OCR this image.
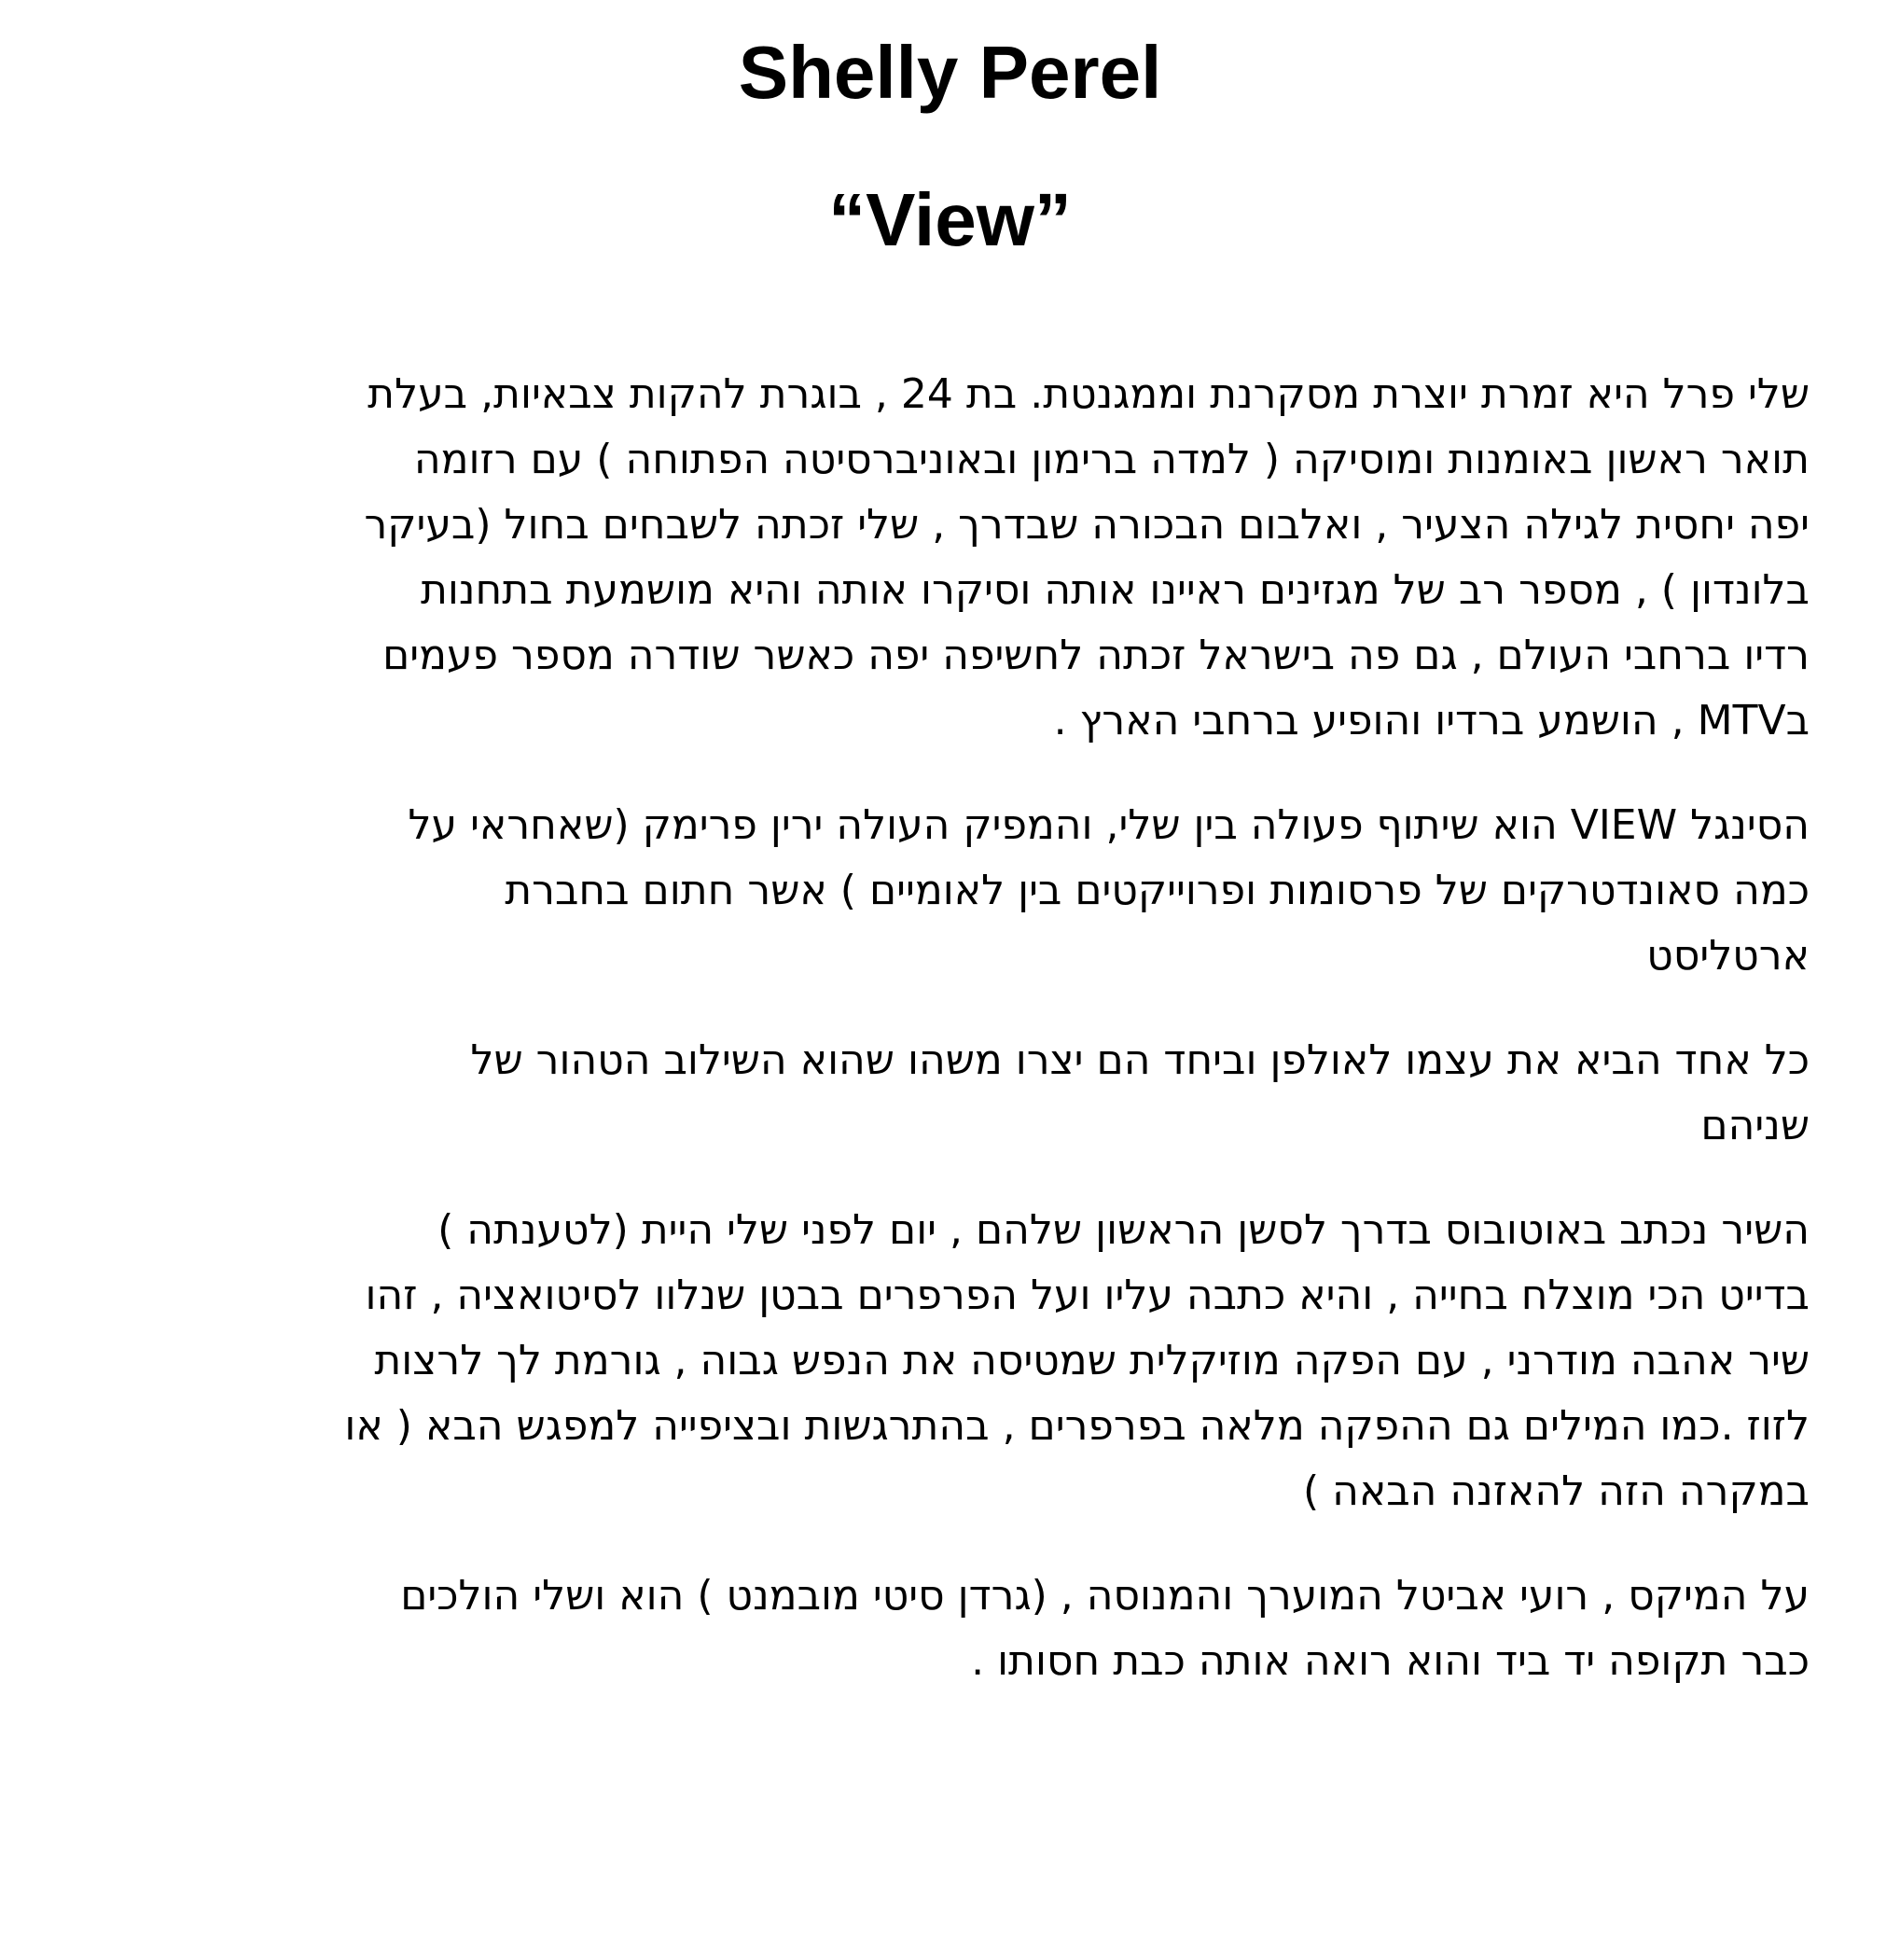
Shelly Perel
“View”

שלי פרל היא זמרת יוצרת מסקרנת וממגנטת. בת 24 , בוגרת להקות צבאיות, בעלת
תואר ראשון באומנות ומוסיקה ( למדה ברימון ובאוניברסיטה הפתוחה ) עם רזומה
יפה יחסית לגילה הצעיר , ואלבום הבכורה שבדרך , שלי זכתה לשבחים בחול (בעיקר
בלונדון ) , מספר רב של מגזינים ראיינו אותה וסיקרו אותה והיא מושמעת בתחנות
רדיו ברחבי העולם , גם פה בישראל זכתה לחשיפה יפה כאשר שודרה מספר פעמים
בMTV , הושמע ברדיו והופיע ברחבי הארץ .

הסינגל VIEW הוא שיתוף פעולה בין שלי, והמפיק העולה ירין פרימק (שאחראי על
כמה סאונדטרקים של פרסומות ופרוייקטים בין לאומיים ) אשר חתום בחברת
ארטליסט

כל אחד הביא את עצמו לאולפן וביחד הם יצרו משהו שהוא השילוב הטהור של
שניהם

השיר נכתב באוטובוס בדרך לסשן הראשון שלהם , יום לפני שלי היית (לטענתה )
בדייט הכי מוצלח בחייה , והיא כתבה עליו ועל הפרפרים בבטן שנלוו לסיטואציה , זהו
שיר אהבה מודרני , עם הפקה מוזיקלית שמטיסה את הנפש גבוה , גורמת לך לרצות
לזוז .כמו המילים גם ההפקה מלאה בפרפרים , בהתרגשות ובציפייה למפגש הבא ( או
במקרה הזה להאזנה הבאה )

על המיקס , רועי אביטל המוערך והמנוסה , (גרדן סיטי מובמנט ) הוא ושלי הולכים
כבר תקופה יד ביד והוא רואה אותה כבת חסותו .
